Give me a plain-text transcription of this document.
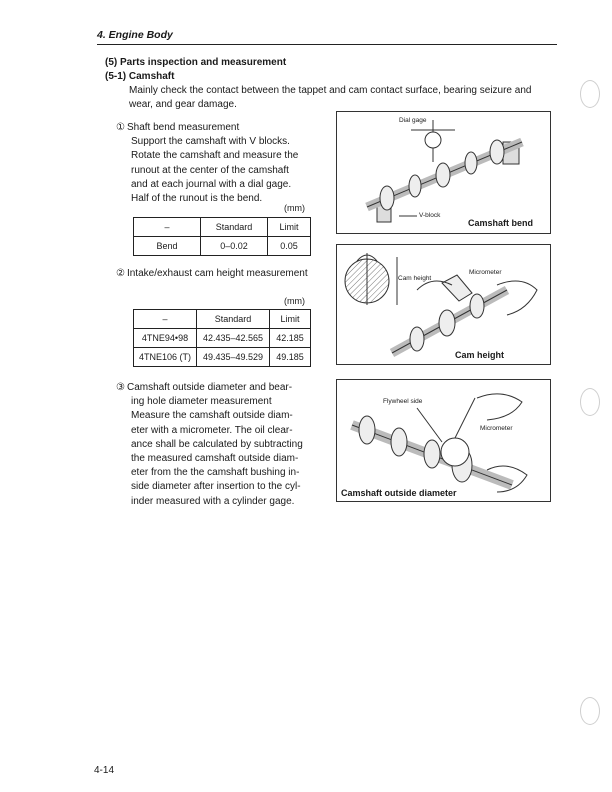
4. Engine Body
(5) Parts inspection and measurement
(5-1) Camshaft
Mainly check the contact between the tappet and cam contact surface, bearing seizure and
wear, and gear damage.
① Shaft bend measurement
Support the camshaft with V blocks.
Rotate the camshaft and measure the
runout at the center of the camshaft
and at each journal with a dial gage.
Half of the runout is the bend.
(mm)
–	Standard	Limit
Bend	0–0.02	0.05
② Intake/exhaust cam height measurement
(mm)
–	Standard	Limit
4TNE94•98	42.435–42.565	42.185
4TNE106 (T)	49.435–49.529	49.185
③ Camshaft outside diameter and bear-
ing hole diameter measurement
Measure the camshaft outside diam-
eter with a micrometer. The oil clear-
ance shall be calculated by subtracting
the measured camshaft outside diam-
eter from the the camshaft bushing in-
side diameter after insertion to the cyl-
inder measured with a cylinder gage.
Dial gage
V-block
Camshaft bend
Cam height
Micrometer
Cam height
Flywheel side
Micrometer
Camshaft outside diameter
4-14
